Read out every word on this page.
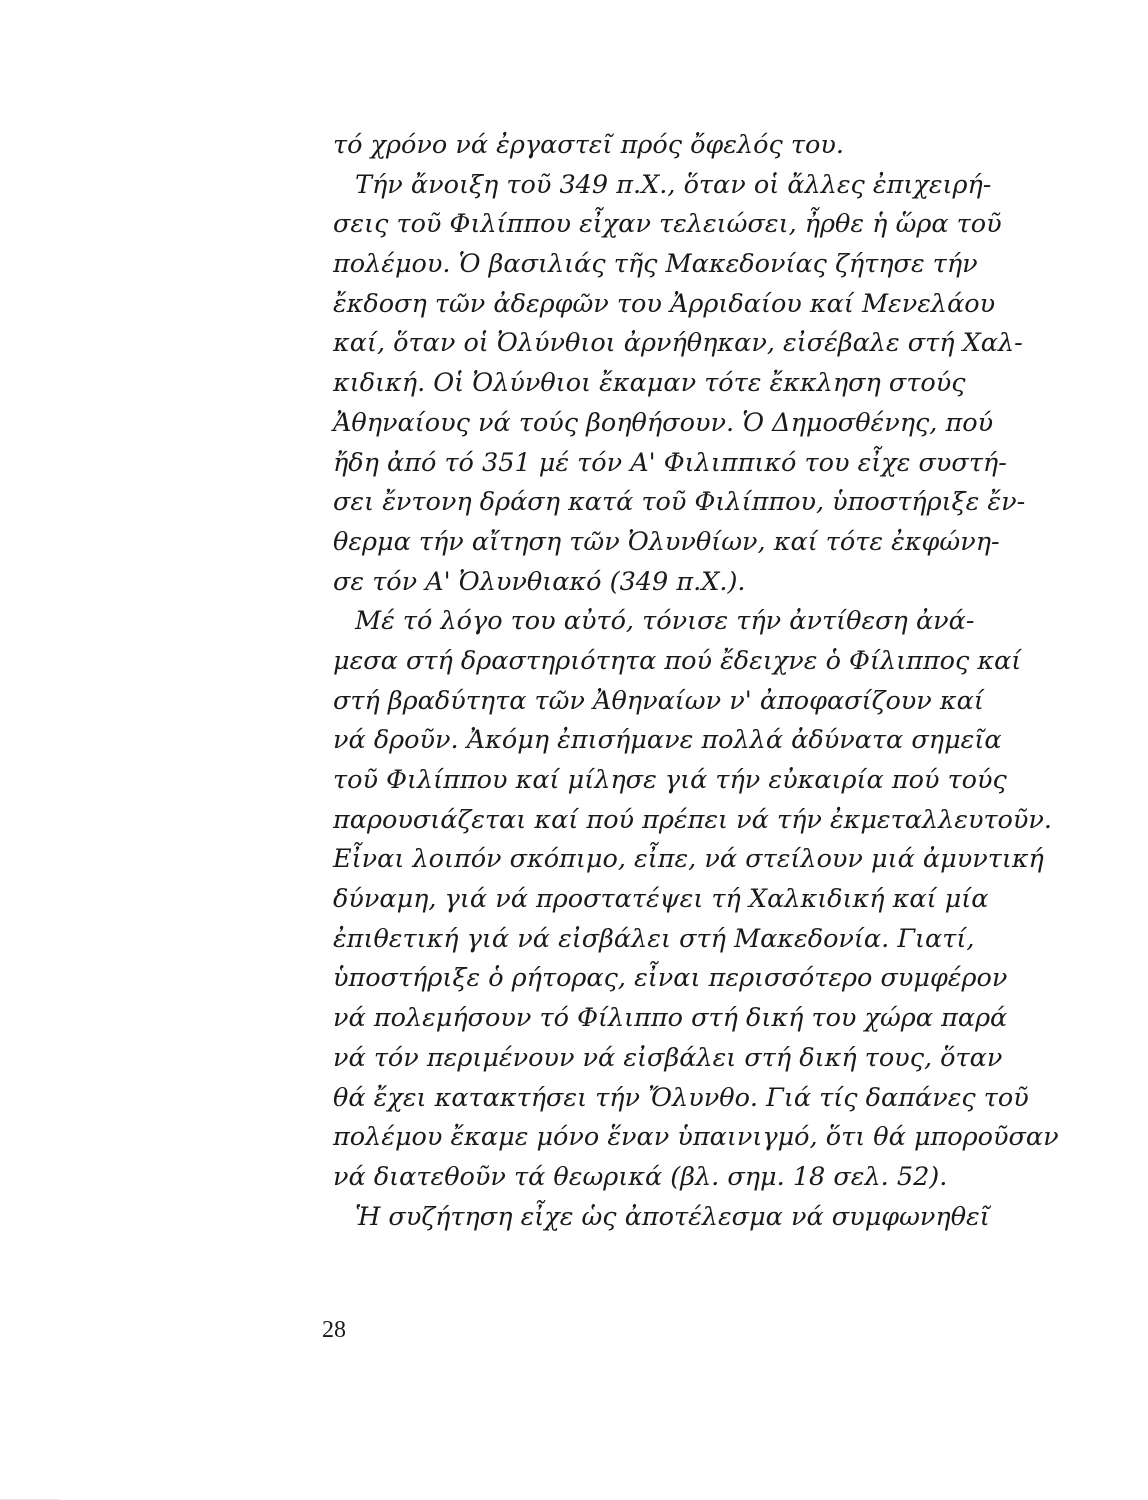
τό χρόνο νά ἐργαστεῖ πρός ὄφελός του.
Τήν ἄνοιξη τοῦ 349 π.Χ., ὅταν οἱ ἄλλες ἐπιχειρή-
σεις τοῦ Φιλίππου εἶχαν τελειώσει, ἦρθε ἡ ὥρα τοῦ
πολέμου. Ὁ βασιλιάς τῆς Μακεδονίας ζήτησε τήν
ἔκδοση τῶν ἀδερφῶν του Ἀρριδαίου καί Μενελάου
καί, ὅταν οἱ Ὀλύνθιοι ἀρνήθηκαν, εἰσέβαλε στή Χαλ-
κιδική. Οἱ Ὀλύνθιοι ἔκαμαν τότε ἔκκληση στούς
Ἀθηναίους νά τούς βοηθήσουν. Ὁ Δημοσθένης, πού
ἤδη ἀπό τό 351 μέ τόν Α' Φιλιππικό του εἶχε συστή-
σει ἔντονη δράση κατά τοῦ Φιλίππου, ὑποστήριξε ἔν-
θερμα τήν αἴτηση τῶν Ὀλυνθίων, καί τότε ἐκφώνη-
σε τόν Α' Ὀλυνθιακό (349 π.Χ.).
Μέ τό λόγο του αὐτό, τόνισε τήν ἀντίθεση ἀνά-
μεσα στή δραστηριότητα πού ἔδειχνε ὁ Φίλιππος καί
στή βραδύτητα τῶν Ἀθηναίων ν' ἀποφασίζουν καί
νά δροῦν. Ἀκόμη ἐπισήμανε πολλά ἀδύνατα σημεῖα
τοῦ Φιλίππου καί μίλησε γιά τήν εὐκαιρία πού τούς
παρουσιάζεται καί πού πρέπει νά τήν ἐκμεταλλευτοῦν.
Εἶναι λοιπόν σκόπιμο, εἶπε, νά στείλουν μιά ἀμυντική
δύναμη, γιά νά προστατέψει τή Χαλκιδική καί μία
ἐπιθετική γιά νά εἰσβάλει στή Μακεδονία. Γιατί,
ὑποστήριξε ὁ ρήτορας, εἶναι περισσότερο συμφέρον
νά πολεμήσουν τό Φίλιππο στή δική του χώρα παρά
νά τόν περιμένουν νά εἰσβάλει στή δική τους, ὅταν
θά ἔχει κατακτήσει τήν Ὄλυνθο. Γιά τίς δαπάνες τοῦ
πολέμου ἔκαμε μόνο ἕναν ὑπαινιγμό, ὅτι θά μποροῦσαν
νά διατεθοῦν τά θεωρικά (βλ. σημ. 18 σελ. 52).
Ἡ συζήτηση εἶχε ὡς ἀποτέλεσμα νά συμφωνηθεῖ
28
